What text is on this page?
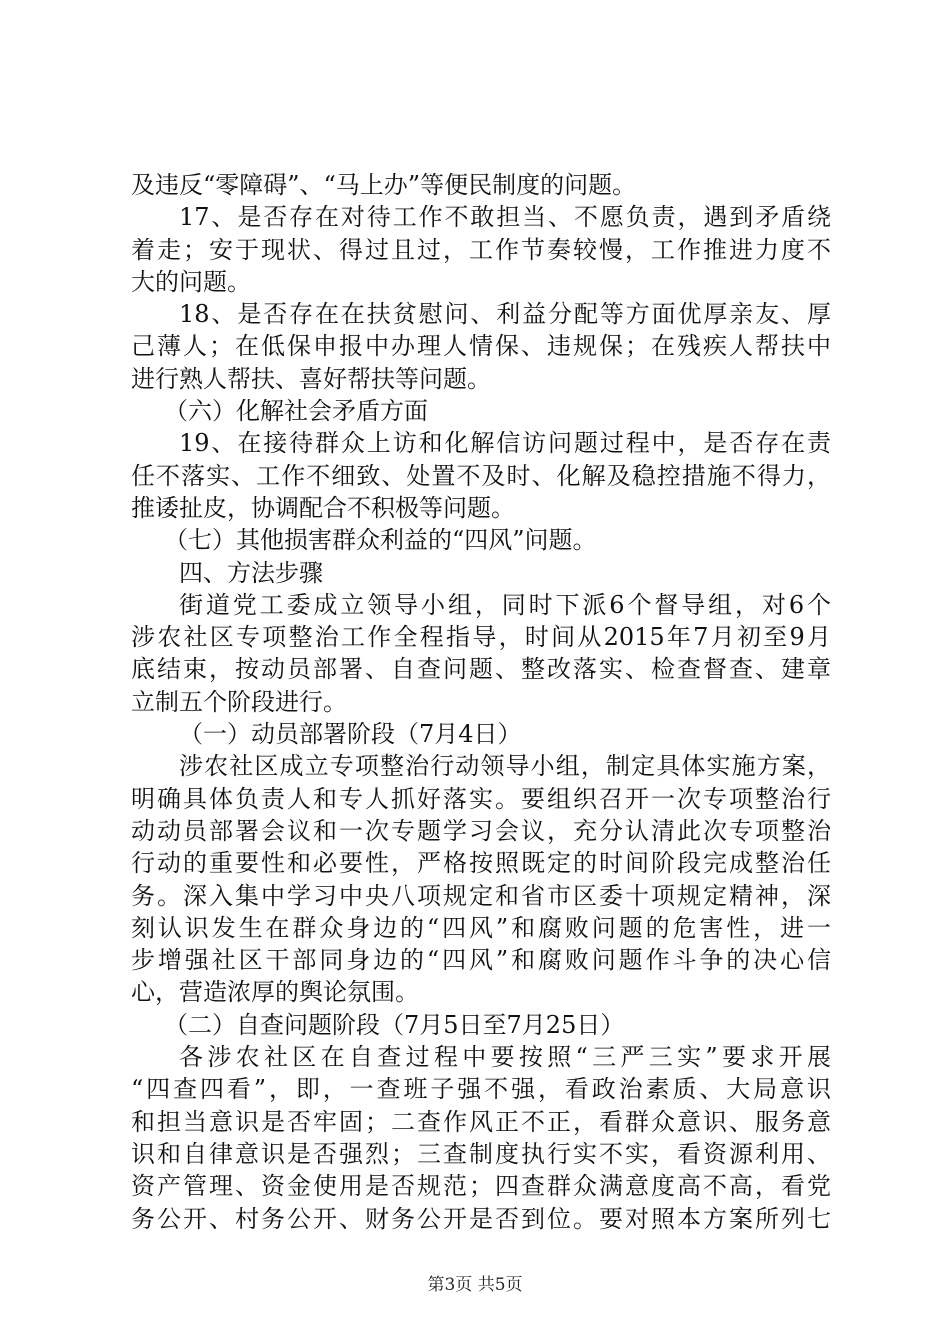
及违反“零障碍”、“马上办”等便民制度的问题。
17、是否存在对待工作不敢担当、不愿负责，遇到矛盾绕
着走；安于现状、得过且过，工作节奏较慢，工作推进力度不
大的问题。
18、是否存在在扶贫慰问、利益分配等方面优厚亲友、厚
己薄人；在低保申报中办理人情保、违规保；在残疾人帮扶中
进行熟人帮扶、喜好帮扶等问题。
（六）化解社会矛盾方面
19、在接待群众上访和化解信访问题过程中，是否存在责
任不落实、工作不细致、处置不及时、化解及稳控措施不得力，
推诿扯皮，协调配合不积极等问题。
（七）其他损害群众利益的“四风”问题。
四、方法步骤
街道党工委成立领导小组，同时下派6个督导组，对6个
涉农社区专项整治工作全程指导，时间从2015年7月初至9月
底结束，按动员部署、自查问题、整改落实、检查督查、建章
立制五个阶段进行。
（一）动员部署阶段（7月4日）
涉农社区成立专项整治行动领导小组，制定具体实施方案，
明确具体负责人和专人抓好落实。要组织召开一次专项整治行
动动员部署会议和一次专题学习会议，充分认清此次专项整治
行动的重要性和必要性，严格按照既定的时间阶段完成整治任
务。深入集中学习中央八项规定和省市区委十项规定精神，深
刻认识发生在群众身边的“四风”和腐败问题的危害性，进一
步增强社区干部同身边的“四风”和腐败问题作斗争的决心信
心，营造浓厚的舆论氛围。
（二）自查问题阶段（7月5日至7月25日）
各涉农社区在自查过程中要按照“三严三实”要求开展
“四查四看”，即，一查班子强不强，看政治素质、大局意识
和担当意识是否牢固；二查作风正不正，看群众意识、服务意
识和自律意识是否强烈；三查制度执行实不实，看资源利用、
资产管理、资金使用是否规范；四查群众满意度高不高，看党
务公开、村务公开、财务公开是否到位。要对照本方案所列七
第3页 共5页
